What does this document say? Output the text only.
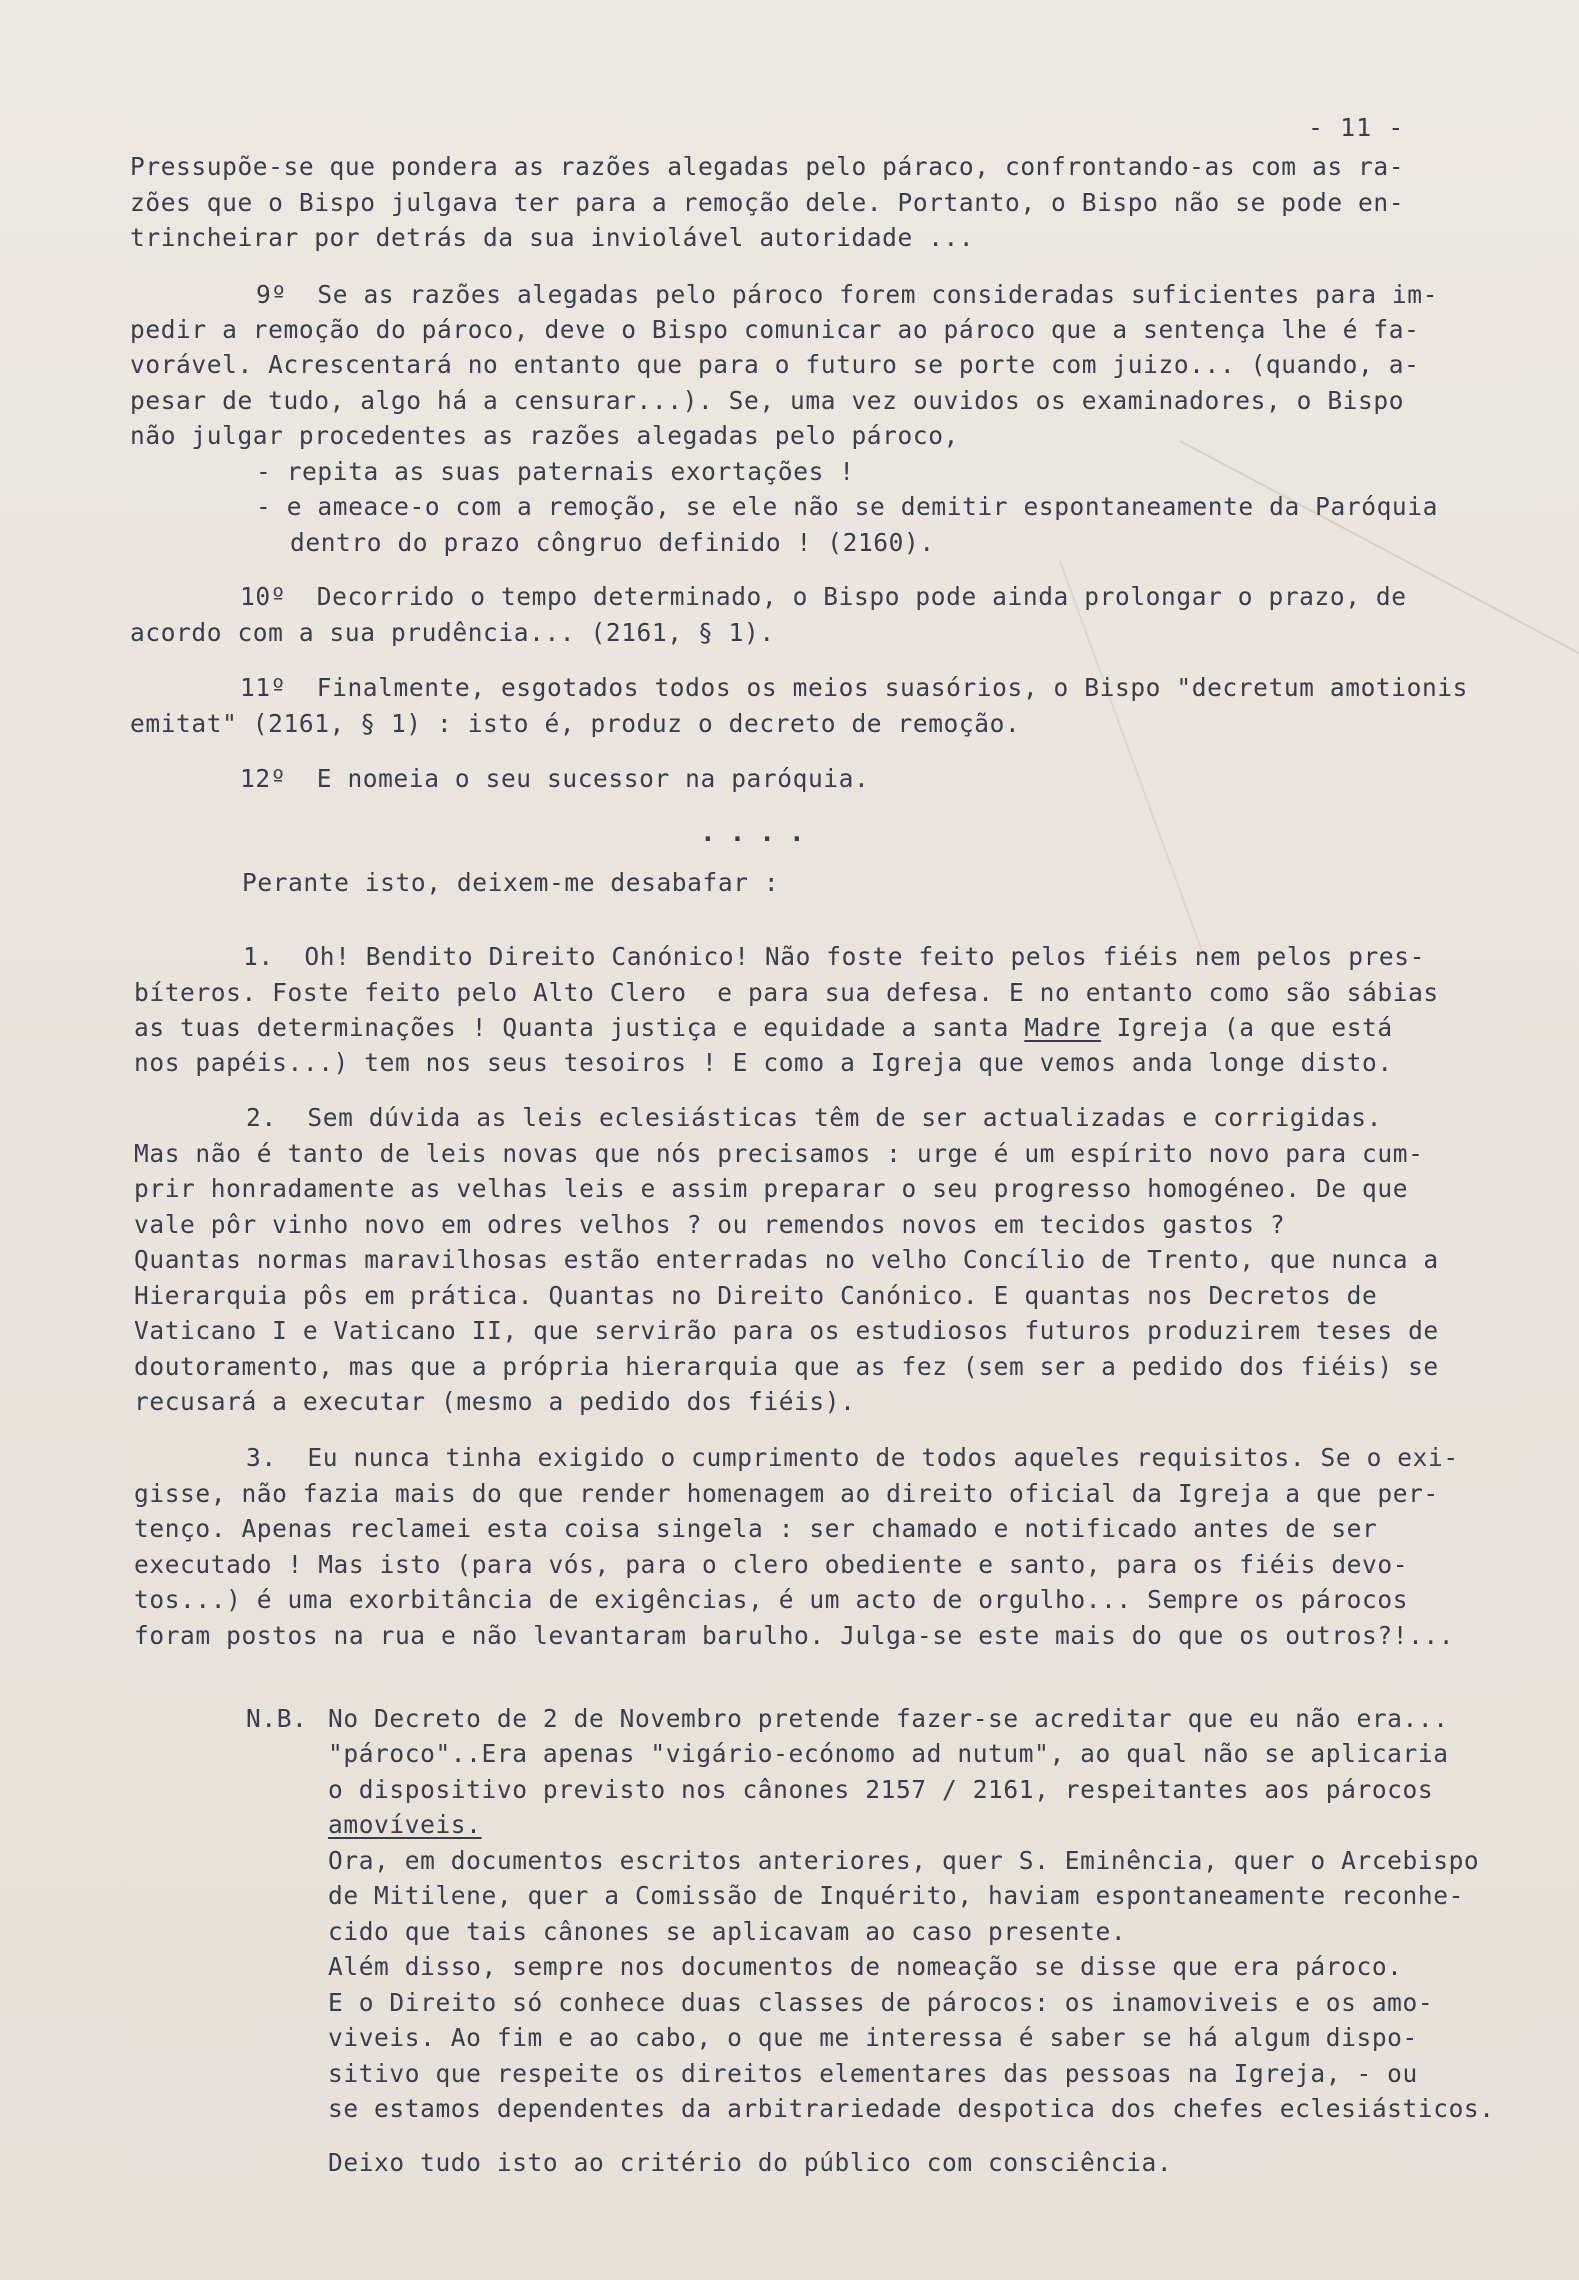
- 11 -
Pressupõe-se que pondera as razões alegadas pelo páraco, confrontando-as com as ra-
zões que o Bispo julgava ter para a remoção dele. Portanto, o Bispo não se pode en-
trincheirar por detrás da sua inviolável autoridade ...
9º  Se as razões alegadas pelo pároco forem consideradas suficientes para im-
pedir a remoção do pároco, deve o Bispo comunicar ao pároco que a sentença lhe é fa-
vorável. Acrescentará no entanto que para o futuro se porte com juizo... (quando, a-
pesar de tudo, algo há a censurar...). Se, uma vez ouvidos os examinadores, o Bispo
não julgar procedentes as razões alegadas pelo pároco,
- repita as suas paternais exortações !
- e ameace-o com a remoção, se ele não se demitir espontaneamente da Paróquia
dentro do prazo côngruo definido ! (2160).
10º  Decorrido o tempo determinado, o Bispo pode ainda prolongar o prazo, de
acordo com a sua prudência... (2161, § 1).
11º  Finalmente, esgotados todos os meios suasórios, o Bispo "decretum amotionis
emitat" (2161, § 1) : isto é, produz o decreto de remoção.
12º  E nomeia o seu sucessor na paróquia.
....
Perante isto, deixem-me desabafar :
1.  Oh! Bendito Direito Canónico! Não foste feito pelos fiéis nem pelos pres-
bíteros. Foste feito pelo Alto Clero  e para sua defesa. E no entanto como são sábias
as tuas determinações ! Quanta justiça e equidade a santa Madre Igreja (a que está
nos papéis...) tem nos seus tesoiros ! E como a Igreja que vemos anda longe disto.
2.  Sem dúvida as leis eclesiásticas têm de ser actualizadas e corrigidas.
Mas não é tanto de leis novas que nós precisamos : urge é um espírito novo para cum-
prir honradamente as velhas leis e assim preparar o seu progresso homogéneo. De que
vale pôr vinho novo em odres velhos ? ou remendos novos em tecidos gastos ?
Quantas normas maravilhosas estão enterradas no velho Concílio de Trento, que nunca a
Hierarquia pôs em prática. Quantas no Direito Canónico. E quantas nos Decretos de
Vaticano I e Vaticano II, que servirão para os estudiosos futuros produzirem teses de
doutoramento, mas que a própria hierarquia que as fez (sem ser a pedido dos fiéis) se
recusará a executar (mesmo a pedido dos fiéis).
3.  Eu nunca tinha exigido o cumprimento de todos aqueles requisitos. Se o exi-
gisse, não fazia mais do que render homenagem ao direito oficial da Igreja a que per-
tenço. Apenas reclamei esta coisa singela : ser chamado e notificado antes de ser
executado ! Mas isto (para vós, para o clero obediente e santo, para os fiéis devo-
tos...) é uma exorbitância de exigências, é um acto de orgulho... Sempre os párocos
foram postos na rua e não levantaram barulho. Julga-se este mais do que os outros?!...
N.B. No Decreto de 2 de Novembro pretende fazer-se acreditar que eu não era...
"pároco"..Era apenas "vigário-ecónomo ad nutum", ao qual não se aplicaria
o dispositivo previsto nos cânones 2157 / 2161, respeitantes aos párocos
amovíveis.
Ora, em documentos escritos anteriores, quer S. Eminência, quer o Arcebispo
de Mitilene, quer a Comissão de Inquérito, haviam espontaneamente reconhe-
cido que tais cânones se aplicavam ao caso presente.
Além disso, sempre nos documentos de nomeação se disse que era pároco.
E o Direito só conhece duas classes de párocos: os inamoviveis e os amo-
viveis. Ao fim e ao cabo, o que me interessa é saber se há algum dispo-
sitivo que respeite os direitos elementares das pessoas na Igreja, - ou
se estamos dependentes da arbitrariedade despotica dos chefes eclesiásticos.
Deixo tudo isto ao critério do público com consciência.
